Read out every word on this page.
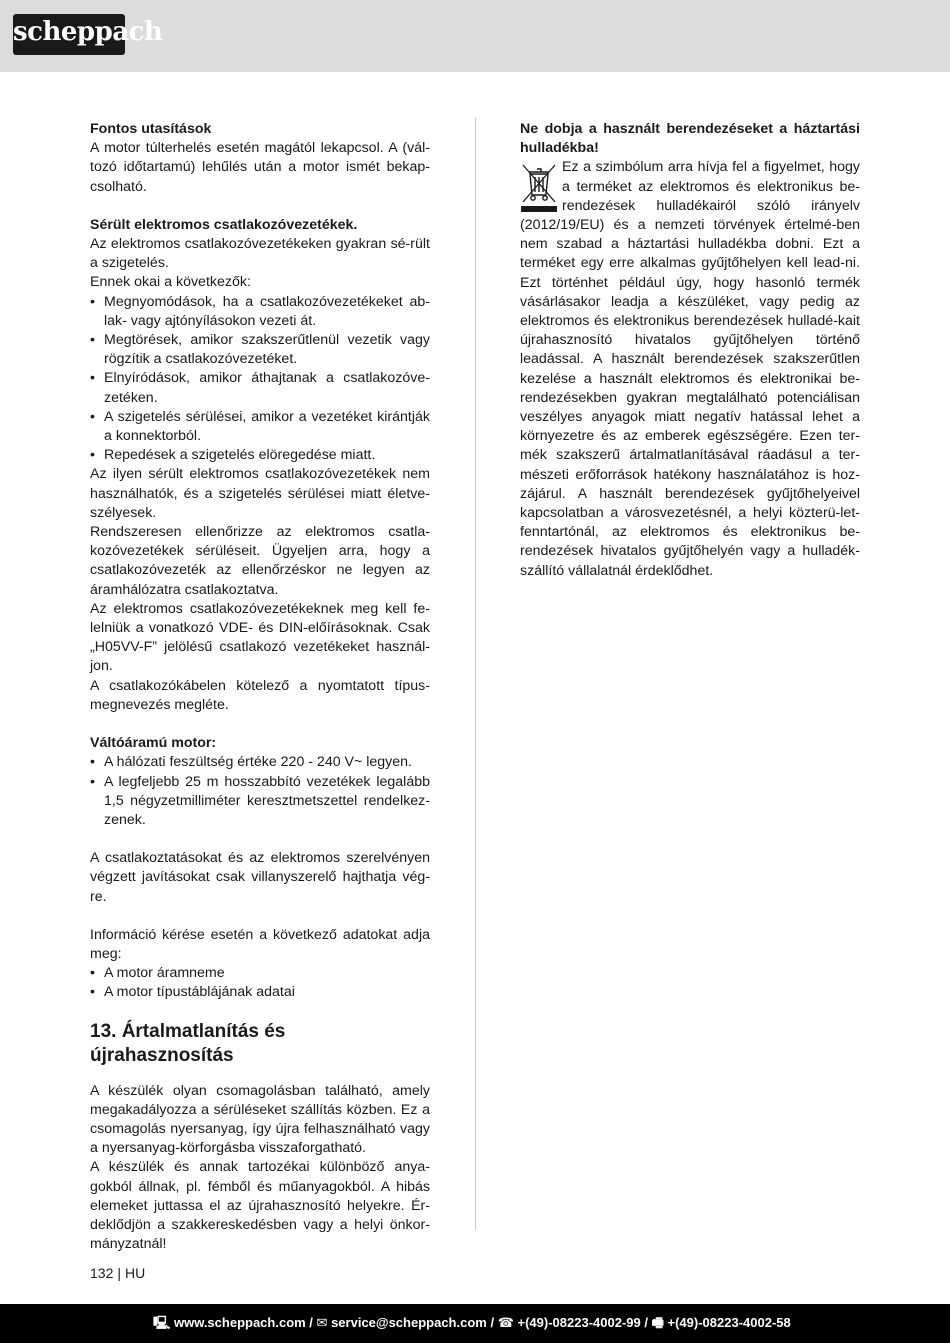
scheppach

Fontos utasítások

A motor túlterhelés esetén magától lekapcsol. A (vál-tozó időtartamú) lehűlés után a motor ismét bekap-csolható.

Sérült elektromos csatlakozóvezetékek.

Az elektromos csatlakozóvezetékeken gyakran sé-rült a szigetelés.

Ennek okai a következők:

• Megnyomódások, ha a csatlakozóvezetékeket ab-lak- vagy ajtónyílásokon vezeti át.
• Megtörések, amikor szakszerűtlenül vezetik vagy rögzítik a csatlakozóvezetéket.
• Elnyíródások, amikor áthajtanak a csatlakozóve-zetéken.
• A szigetelés sérülései, amikor a vezetéket kirántják a konnektorból.
• Repedések a szigetelés elöregedése miatt.

Az ilyen sérült elektromos csatlakozóvezetékek nem használhatók, és a szigetelés sérülései miatt életve-szélyesek.

Rendszeresen ellenőrizze az elektromos csatla-kozóvezetékek sérüléseit. Ügyeljen arra, hogy a csatlakozóvezeték az ellenőrzéskor ne legyen az áramhálózatra csatlakoztatva.

Az elektromos csatlakozóvezetékeknek meg kell fe-lelniük a vonatkozó VDE- és DIN-előírásoknak. Csak „H05VV-F” jelölésű csatlakozó vezetékeket használ-jon.

A csatlakozókábelen kötelező a nyomtatott típus-megnevezés megléte.

Váltóáramú motor:

• A hálózati feszültség értéke 220 - 240 V~ legyen.
• A legfeljebb 25 m hosszabbító vezetékek legalább 1,5 négyzetmilliméter keresztmetszettel rendelkez-zenek.

A csatlakoztatásokat és az elektromos szerelvényen végzett javításokat csak villanyszerelő hajthatja vég-re.

Információ kérése esetén a következő adatokat adja meg:

• A motor áramneme
• A motor típustáblájának adatai
13. Ártalmatlanítás és újrahasznosítás

A készülék olyan csomagolásban található, amely megakadályozza a sérüléseket szállítás közben. Ez a csomagolás nyersanyag, így újra felhasználható vagy a nyersanyag-körforgásba visszaforgatható.

A készülék és annak tartozékai különböző anya-gokból állnak, pl. fémből és műanyagokból. A hibás elemeket juttassa el az újrahasznosító helyekre. Ér-deklődjön a szakkereskedésben vagy a helyi önkor-mányzatnál!

Ne dobja a használt berendezéseket a háztartási hulladékba!

Ez a szimbólum arra hívja fel a figyelmet, hogy a terméket az elektromos és elektronikus be-rendezések hulladékairól szóló irányelv (2012/19/EU) és a nemzeti törvények értelmé-ben nem szabad a háztartási hulladékba dobni. Ezt a terméket egy erre alkalmas gyűjtőhelyen kell lead-ni. Ezt történhet például úgy, hogy hasonló termék vásárlásakor leadja a készüléket, vagy pedig az elektromos és elektronikus berendezések hulladé-kait újrahasznosító hivatalos gyűjtőhelyen történő leadással. A használt berendezések szakszerűtlen kezelése a használt elektromos és elektronikai be-rendezésekben gyakran megtalálható potenciálisan veszélyes anyagok miatt negatív hatással lehet a környezetre és az emberek egészségére. Ezen ter-mék szakszerű ártalmatlanításával ráadásul a ter-mészeti erőforrások hatékony használatához is hoz-zájárul. A használt berendezések gyűjtőhelyeivel kapcsolatban a városvezetésnél, a helyi közterü-let-fenntartónál, az elektromos és elektronikus be-rendezések hivatalos gyűjtőhelyén vagy a hulladék-szállító vállalatnál érdeklődhet.

132 | HU
🖳 www.scheppach.com / ✉ service@scheppach.com / ☎ +(49)-08223-4002-99 / 🖷 +(49)-08223-4002-58
